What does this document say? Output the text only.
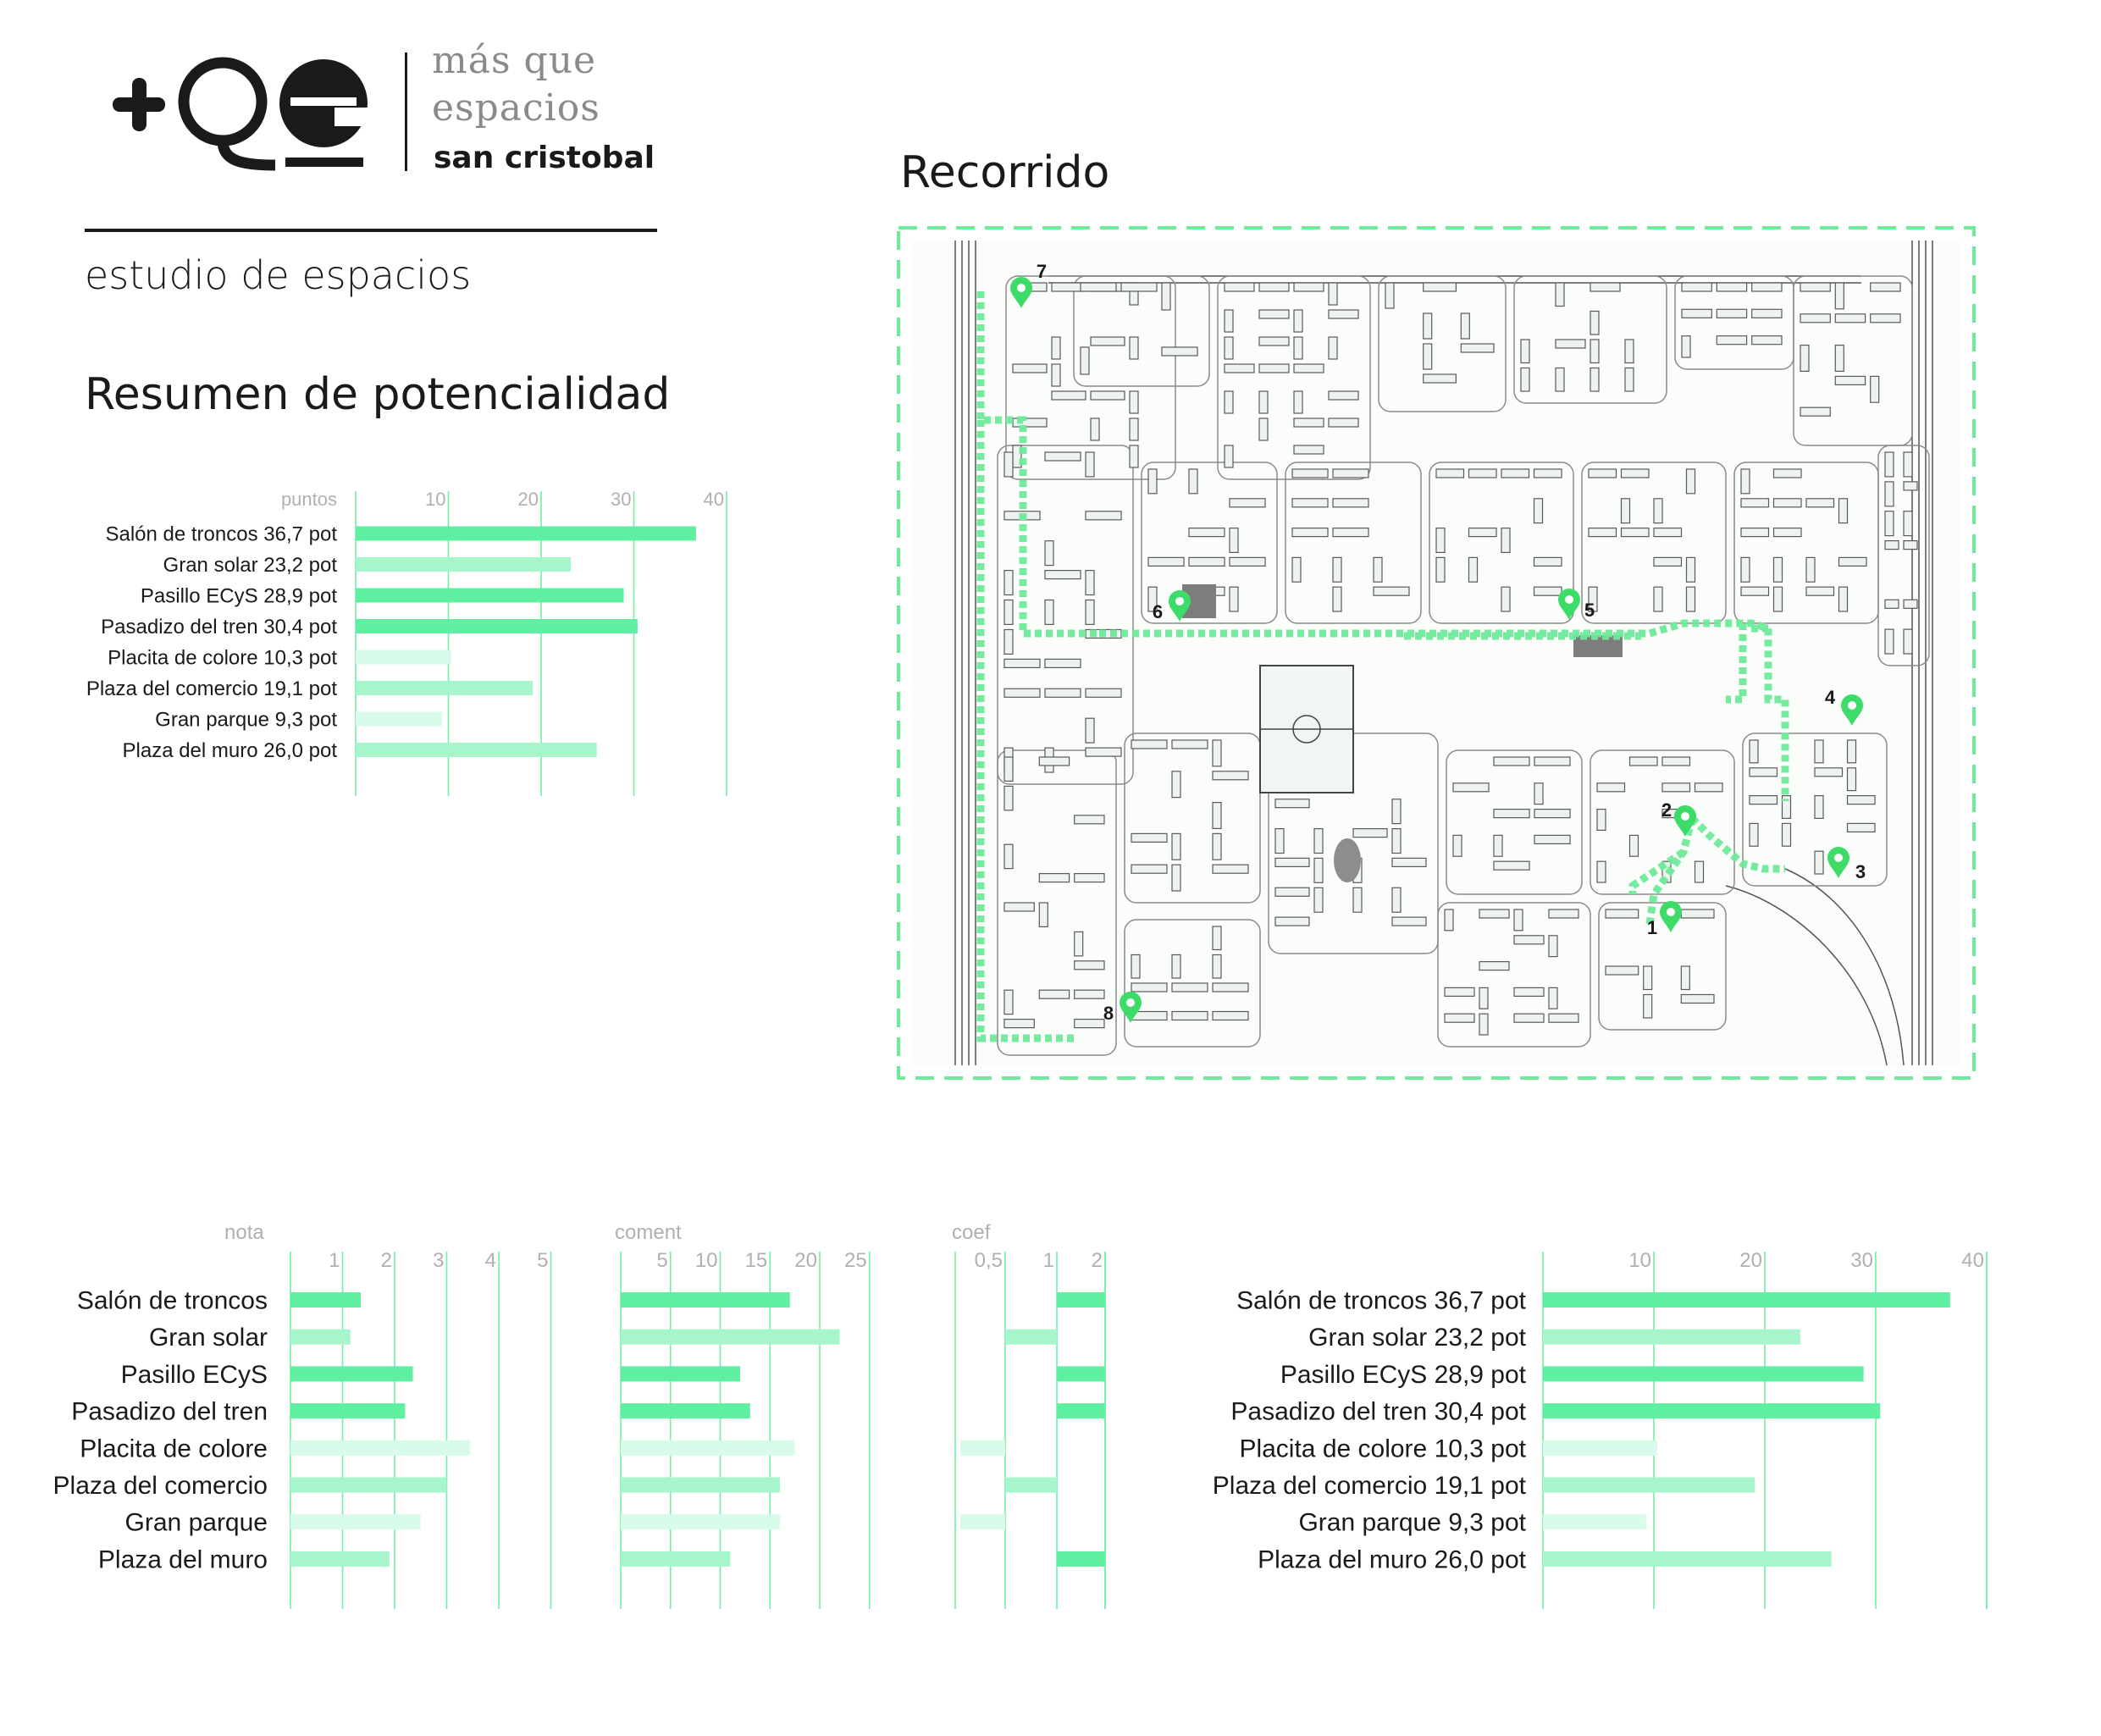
más que
espacios
san cristobal
estudio de espacios
Resumen de potencialidad
Recorrido
puntos	10	20	30	40
Salón de troncos 36,7 pot
Gran solar 23,2 pot
Pasillo ECyS 28,9 pot
Pasadizo del tren 30,4 pot
Placita de colore 10,3 pot
Plaza del comercio 19,1 pot
Gran parque 9,3 pot
Plaza del muro 26,0 pot
nota
1 2 3 4 5
Salón de troncos
Gran solar
Pasillo ECyS
Pasadizo del tren
Placita de colore
Plaza del comercio
Gran parque
Plaza del muro
coment
5 10 15 20 25
coef
0,5 1 2	10	20	30	40
Salón de troncos 36,7 pot
Gran solar 23,2 pot
Pasillo ECyS 28,9 pot
Pasadizo del tren 30,4 pot
Placita de colore 10,3 pot
Plaza del comercio 19,1 pot
Gran parque 9,3 pot
Plaza del muro 26,0 pot
1
2
3
4
5
6
7
8
